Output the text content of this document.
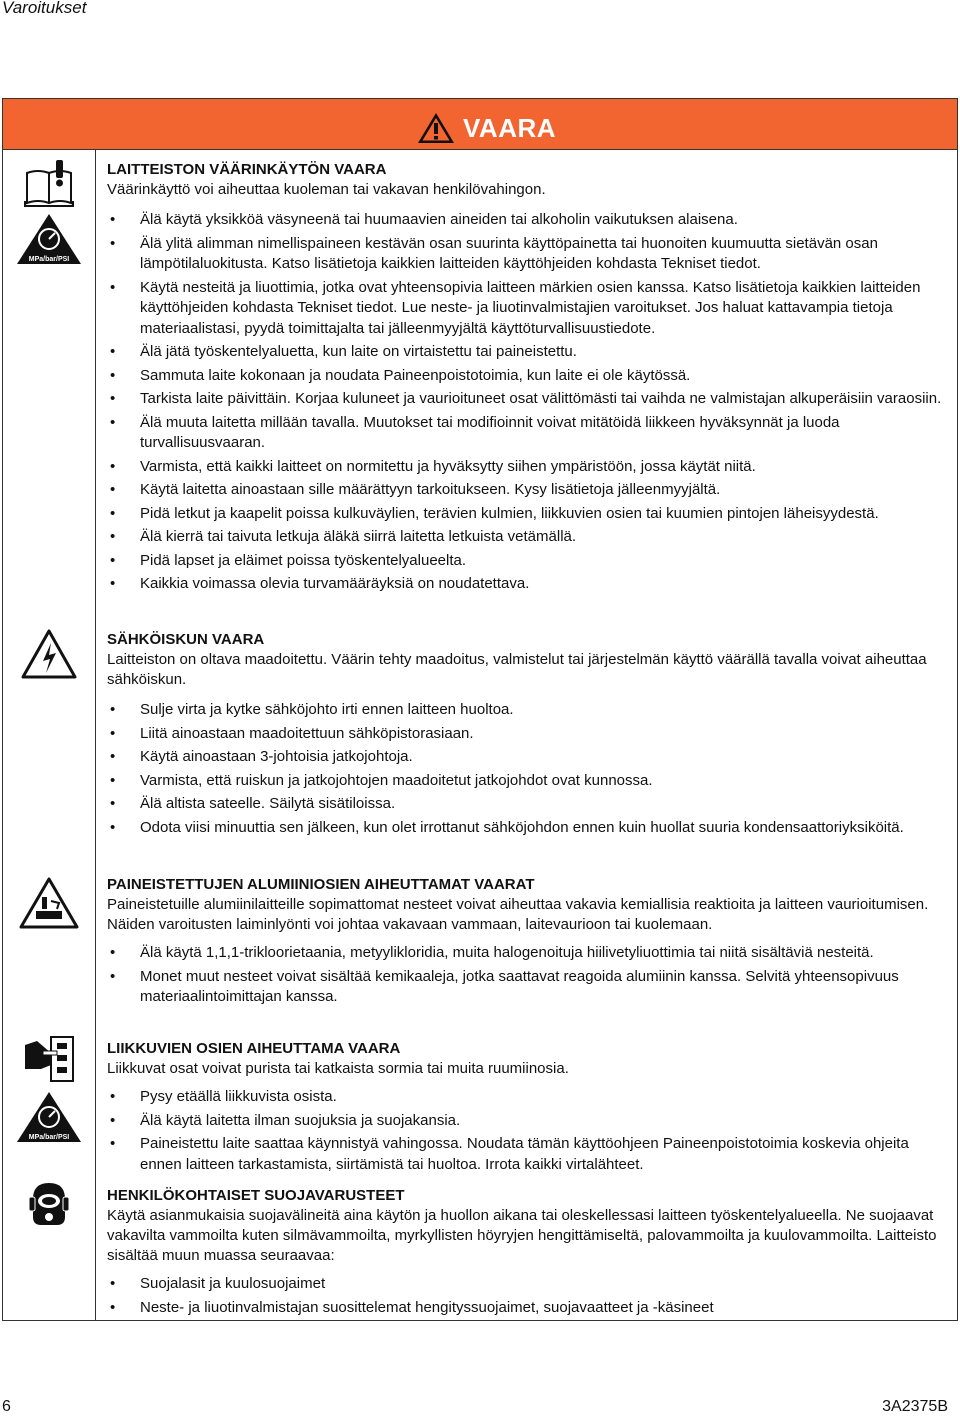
Varoitukset
VAARA
MPa/bar/PSI
MPa/bar/PSI

LAITTEISTON VÄÄRINKÄYTÖN VAARA

Väärinkäyttö voi aiheuttaa kuoleman tai vakavan henkilövahingon.

• Älä käytä yksikköä väsyneenä tai huumaavien aineiden tai alkoholin vaikutuksen alaisena.
• Älä ylitä alimman nimellispaineen kestävän osan suurinta käyttöpainetta tai huonoiten kuumuutta sietävän osan lämpötilaluokitusta. Katso lisätietoja kaikkien laitteiden käyttöhjeiden kohdasta Tekniset tiedot.
• Käytä nesteitä ja liuottimia, jotka ovat yhteensopivia laitteen märkien osien kanssa. Katso lisätietoja kaikkien laitteiden käyttöhjeiden kohdasta Tekniset tiedot. Lue neste- ja liuotinvalmistajien varoitukset. Jos haluat kattavampia tietoja materiaalistasi, pyydä toimittajalta tai jälleenmyyjältä käyttöturvallisuustiedote.
• Älä jätä työskentelyaluetta, kun laite on virtaistettu tai paineistettu.
• Sammuta laite kokonaan ja noudata Paineenpoistotoimia, kun laite ei ole käytössä.
• Tarkista laite päivittäin. Korjaa kuluneet ja vaurioituneet osat välittömästi tai vaihda ne valmistajan alkuperäisiin varaosiin.
• Älä muuta laitetta millään tavalla. Muutokset tai modifioinnit voivat mitätöidä liikkeen hyväksynnät ja luoda turvallisuusvaaran.
• Varmista, että kaikki laitteet on normitettu ja hyväksytty siihen ympäristöön, jossa käytät niitä.
• Käytä laitetta ainoastaan sille määrättyyn tarkoitukseen. Kysy lisätietoja jälleenmyyjältä.
• Pidä letkut ja kaapelit poissa kulkuväylien, terävien kulmien, liikkuvien osien tai kuumien pintojen läheisyydestä.
• Älä kierrä tai taivuta letkuja äläkä siirrä laitetta letkuista vetämällä.
• Pidä lapset ja eläimet poissa työskentelyalueelta.
• Kaikkia voimassa olevia turvamääräyksiä on noudatettava.

SÄHKÖISKUN VAARA

Laitteiston on oltava maadoitettu. Väärin tehty maadoitus, valmistelut tai järjestelmän käyttö väärällä tavalla voivat aiheuttaa sähköiskun.

• Sulje virta ja kytke sähköjohto irti ennen laitteen huoltoa.
• Liitä ainoastaan maadoitettuun sähköpistorasiaan.
• Käytä ainoastaan 3-johtoisia jatkojohtoja.
• Varmista, että ruiskun ja jatkojohtojen maadoitetut jatkojohdot ovat kunnossa.
• Älä altista sateelle. Säilytä sisätiloissa.
• Odota viisi minuuttia sen jälkeen, kun olet irrottanut sähköjohdon ennen kuin huollat suuria kondensaattoriyksiköitä.

PAINEISTETTUJEN ALUMIINIOSIEN AIHEUTTAMAT VAARAT

Paineistetuille alumiinilaitteille sopimattomat nesteet voivat aiheuttaa vakavia kemiallisia reaktioita ja laitteen vaurioitumisen. Näiden varoitusten laiminlyönti voi johtaa vakavaan vammaan, laitevaurioon tai kuolemaan.

• Älä käytä 1,1,1-trikloorietaania, metyylikloridia, muita halogenoituja hiilivetyliuottimia tai niitä sisältäviä nesteitä.
• Monet muut nesteet voivat sisältää kemikaaleja, jotka saattavat reagoida alumiinin kanssa. Selvitä yhteensopivuus materiaalintoimittajan kanssa.

LIIKKUVIEN OSIEN AIHEUTTAMA VAARA

Liikkuvat osat voivat purista tai katkaista sormia tai muita ruumiinosia.

• Pysy etäällä liikkuvista osista.
• Älä käytä laitetta ilman suojuksia ja suojakansia.
• Paineistettu laite saattaa käynnistyä vahingossa. Noudata tämän käyttöohjeen Paineenpoistotoimia koskevia ohjeita ennen laitteen tarkastamista, siirtämistä tai huoltoa. Irrota kaikki virtalähteet.

HENKILÖKOHTAISET SUOJAVARUSTEET

Käytä asianmukaisia suojavälineitä aina käytön ja huollon aikana tai oleskellessasi laitteen työskentelyalueella. Ne suojaavat vakavilta vammoilta kuten silmävammoilta, myrkyllisten höyryjen hengittämiseltä, palovammoilta ja kuulovammoilta. Laitteisto sisältää muun muassa seuraavaa:

• Suojalasit ja kuulosuojaimet
• Neste- ja liuotinvalmistajan suosittelemat hengityssuojaimet, suojavaatteet ja -käsineet
6	3A2375B
